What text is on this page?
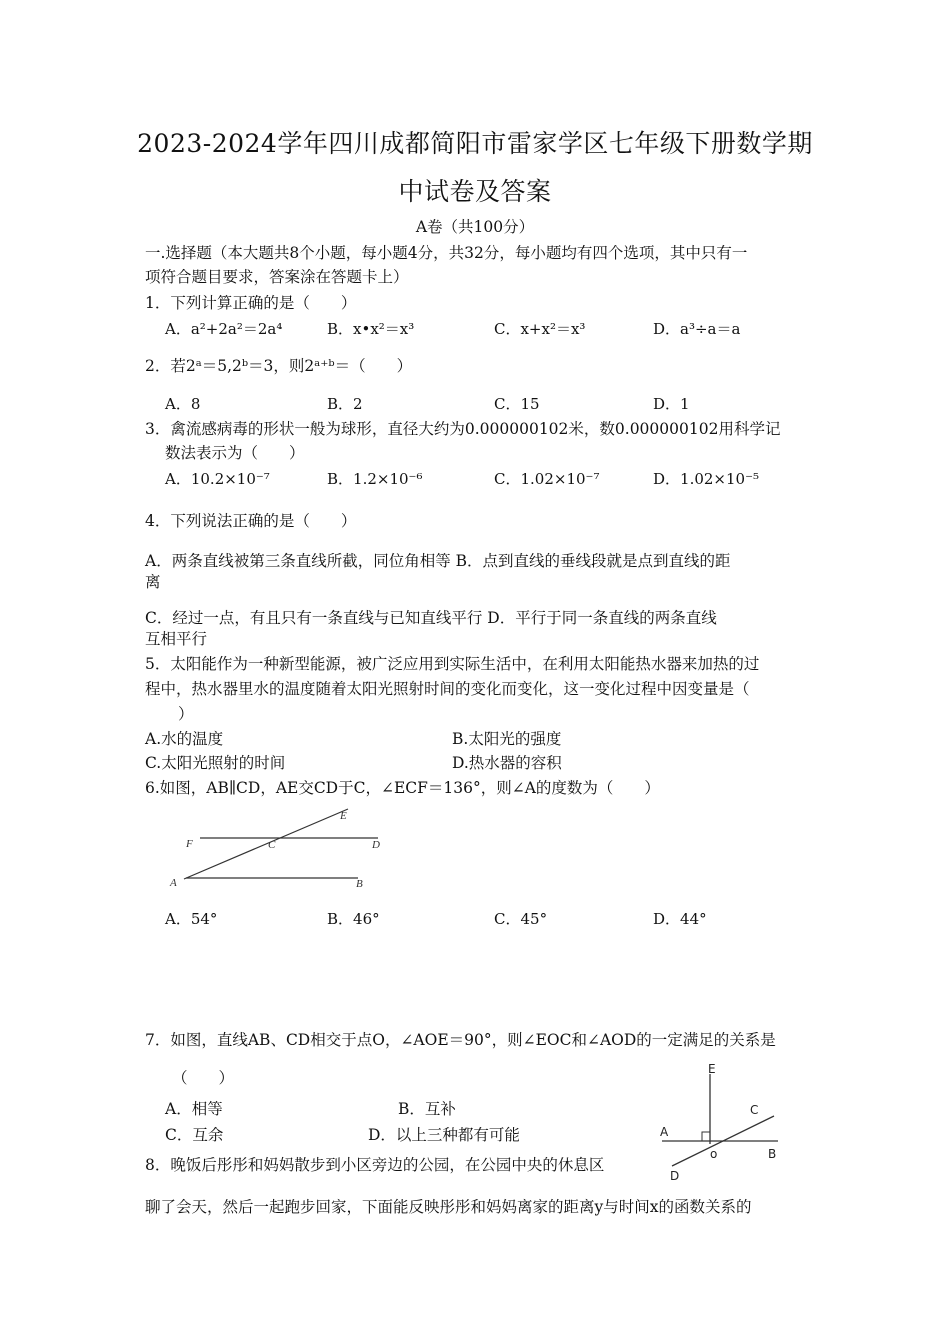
2023-2024学年四川成都简阳市雷家学区七年级下册数学期
中试卷及答案
A卷（共100分）
一.选择题（本大题共8个小题，每小题4分，共32分，每小题均有四个选项，其中只有一
项符合题目要求，答案涂在答题卡上）
1．下列计算正确的是（　　）
A．a²+2a²＝2a⁴	B．x•x²＝x³	C．x+x²＝x³	D．a³÷a＝a
2．若2ᵃ＝5,2ᵇ＝3，则2ᵃ⁺ᵇ＝（　　）
A．8	B．2	C．15	D．1
3．禽流感病毒的形状一般为球形，直径大约为0.000000102米，数0.000000102用科学记
数法表示为（　　）
A．10.2×10⁻⁷	B．1.2×10⁻⁶	C．1.02×10⁻⁷	D．1.02×10⁻⁵
4．下列说法正确的是（　　）
A．两条直线被第三条直线所截，同位角相等 B．点到直线的垂线段就是点到直线的距
离
C．经过一点，有且只有一条直线与已知直线平行 D．平行于同一条直线的两条直线
互相平行
5．太阳能作为一种新型能源，被广泛应用到实际生活中，在利用太阳能热水器来加热的过
程中，热水器里水的温度随着太阳光照射时间的变化而变化，这一变化过程中因变量是（
）
A.水的温度	B.太阳光的强度
C.太阳光照射的时间	D.热水器的容积
6.如图，AB∥CD，AE交CD于C，∠ECF＝136°，则∠A的度数为（　　）
E
F	C	D
A	B
A．54°	B．46°	C．45°	D．44°
7．如图，直线AB、CD相交于点O，∠AOE＝90°，则∠EOC和∠AOD的一定满足的关系是
（　　）
A．相等	B．互补
C．互余	D．以上三种都有可能
E
C
A
B
D
o
8．晚饭后彤彤和妈妈散步到小区旁边的公园，在公园中央的休息区
聊了会天，然后一起跑步回家，下面能反映彤彤和妈妈离家的距离y与时间x的函数关系的
